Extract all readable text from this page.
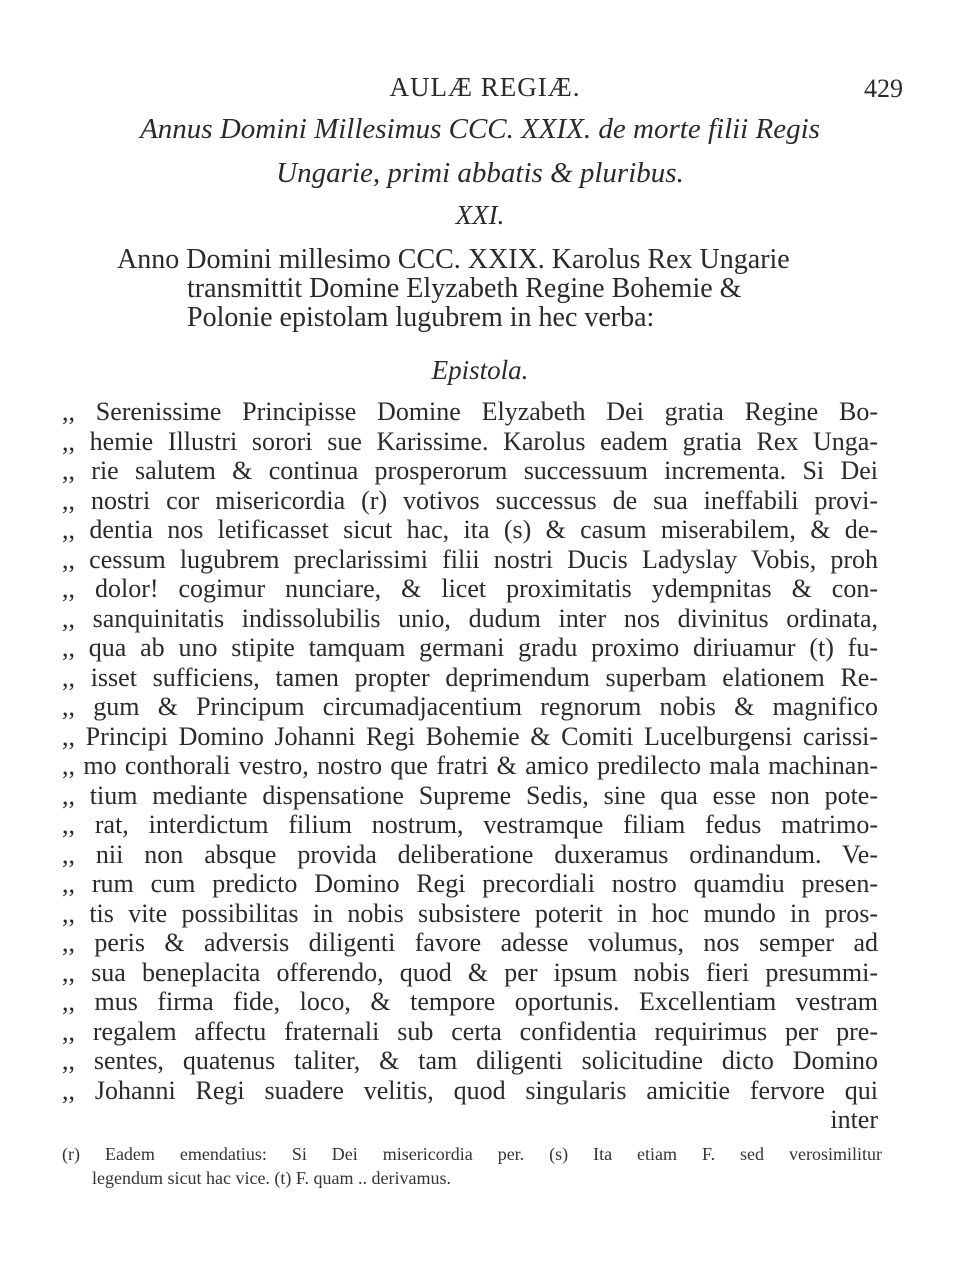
AULÆ REGIÆ.	429
Annus Domini Millesimus CCC. XXIX. de morte filii Regis
Ungarie, primi abbatis & pluribus.
XXI.
Anno Domini millesimo CCC. XXIX. Karolus Rex Ungarie
transmittit Domine Elyzabeth Regine Bohemie &
Polonie epistolam lugubrem in hec verba:
Epistola.
,, Serenissime Principisse Domine Elyzabeth Dei gratia Regine Bo-
,, hemie Illustri sorori sue Karissime. Karolus eadem gratia Rex Unga-
,, rie salutem & continua prosperorum successuum incrementa. Si Dei
,, nostri cor misericordia (r) votivos successus de sua ineffabili provi-
,, dentia nos letificasset sicut hac, ita (s) & casum miserabilem, & de-
,, cessum lugubrem preclarissimi filii nostri Ducis Ladyslay Vobis, proh
,, dolor! cogimur nunciare, & licet proximitatis ydempnitas & con-
,, sanquinitatis indissolubilis unio, dudum inter nos divinitus ordinata,
,, qua ab uno stipite tamquam germani gradu proximo diriuamur (t) fu-
,, isset sufficiens, tamen propter deprimendum superbam elationem Re-
,, gum & Principum circumadjacentium regnorum nobis & magnifico
,, Principi Domino Johanni Regi Bohemie & Comiti Lucelburgensi carissi-
,, mo conthorali vestro, nostro que fratri & amico predilecto mala machinan-
,, tium mediante dispensatione Supreme Sedis, sine qua esse non pote-
,, rat, interdictum filium nostrum, vestramque filiam fedus matrimo-
,, nii non absque provida deliberatione duxeramus ordinandum. Ve-
,, rum cum predicto Domino Regi precordiali nostro quamdiu presen-
,, tis vite possibilitas in nobis subsistere poterit in hoc mundo in pros-
,, peris & adversis diligenti favore adesse volumus, nos semper ad
,, sua beneplacita offerendo, quod & per ipsum nobis fieri presummi-
,, mus firma fide, loco, & tempore oportunis. Excellentiam vestram
,, regalem affectu fraternali sub certa confidentia requirimus per pre-
,, sentes, quatenus taliter, & tam diligenti solicitudine dicto Domino
,, Johanni Regi suadere velitis, quod singularis amicitie fervore qui
inter
(r) Eadem emendatius: Si Dei misericordia per. (s) Ita etiam F. sed verosimilitur
legendum sicut hac vice. (t) F. quam .. derivamus.
